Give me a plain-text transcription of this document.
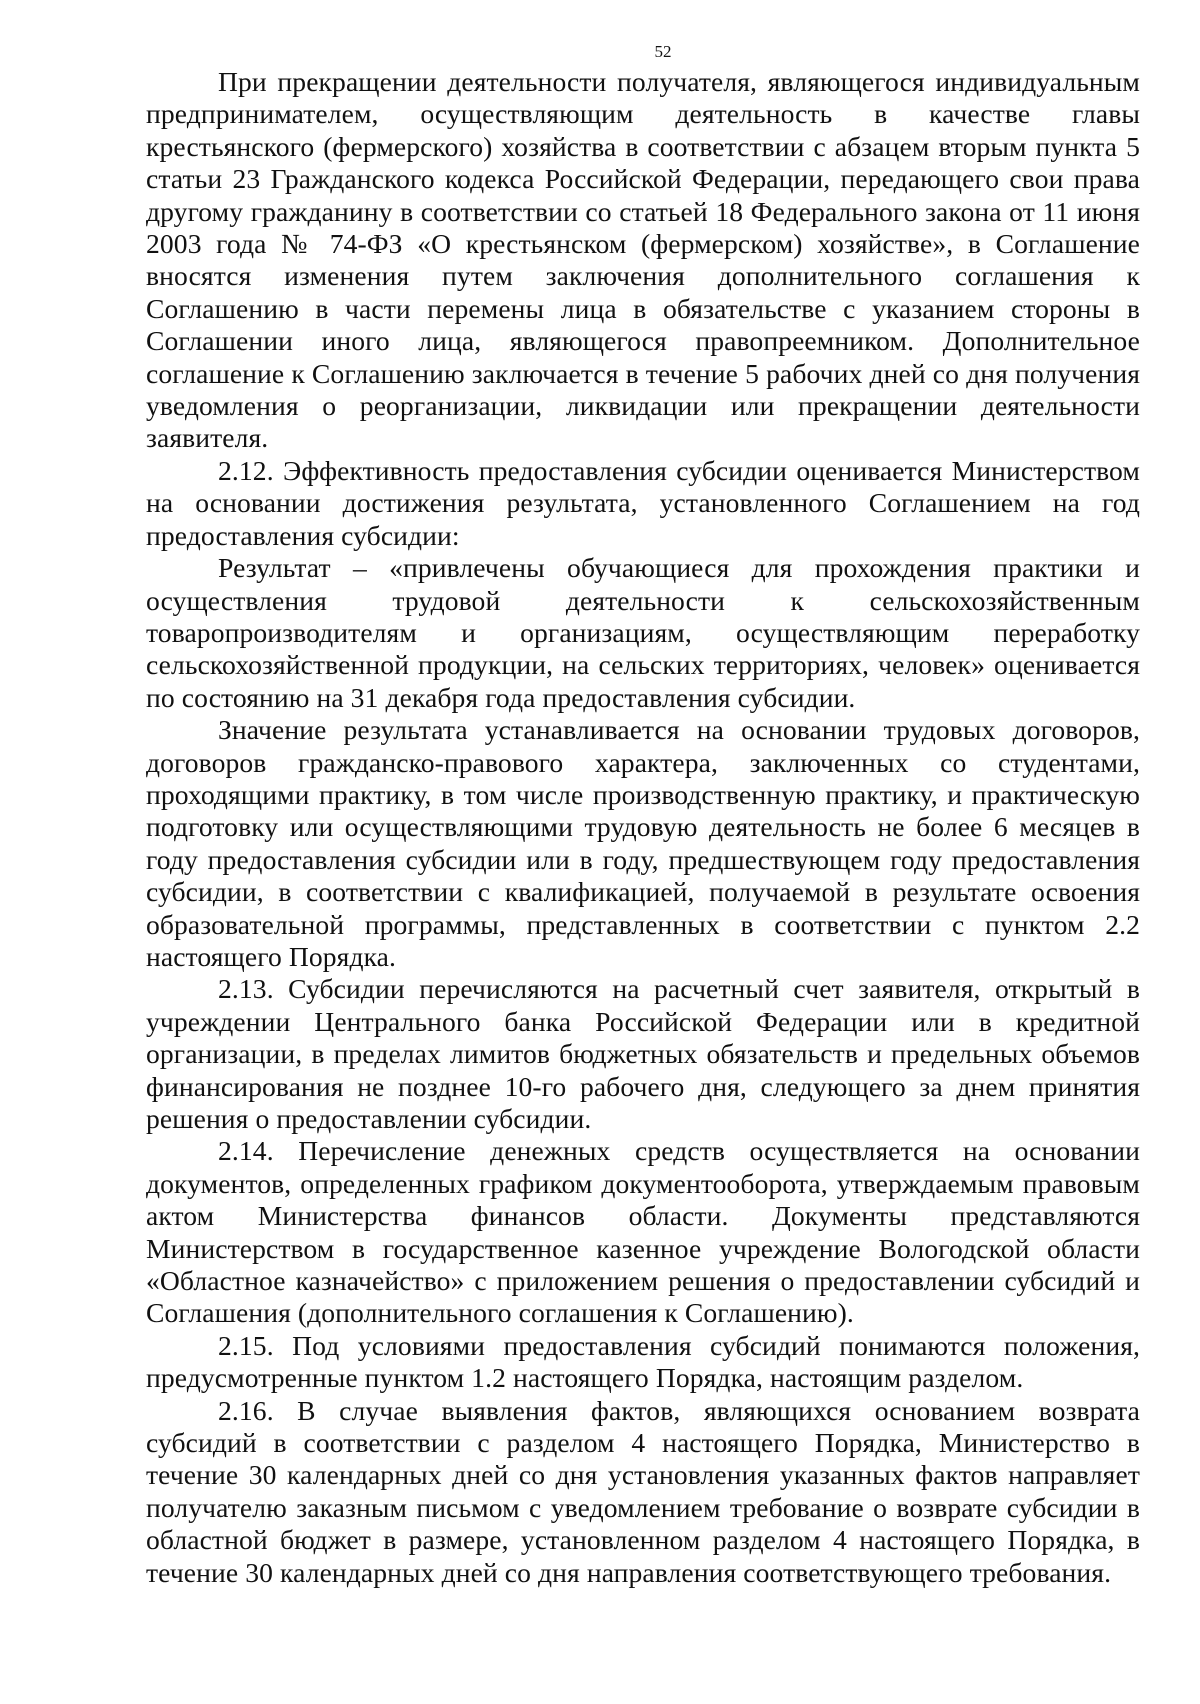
52

При прекращении деятельности получателя, являющегося индивидуальным предпринимателем, осуществляющим деятельность в качестве главы крестьянского (фермерского) хозяйства в соответствии с абзацем вторым пункта 5 статьи 23 Гражданского кодекса Российской Федерации, передающего свои права другому гражданину в соответствии со статьей 18 Федерального закона от 11 июня 2003 года № 74-ФЗ «О крестьянском (фермерском) хозяйстве», в Соглашение вносятся изменения путем заключения дополнительного соглашения к Соглашению в части перемены лица в обязательстве с указанием стороны в Соглашении иного лица, являющегося правопреемником. Дополнительное соглашение к Соглашению заключается в течение 5 рабочих дней со дня получения уведомления о реорганизации, ликвидации или прекращении деятельности заявителя.

2.12. Эффективность предоставления субсидии оценивается Министерством на основании достижения результата, установленного Соглашением на год предоставления субсидии:

Результат – «привлечены обучающиеся для прохождения практики и осуществления трудовой деятельности к сельскохозяйственным товаропроизводителям и организациям, осуществляющим переработку сельскохозяйственной продукции, на сельских территориях, человек» оценивается по состоянию на 31 декабря года предоставления субсидии.

Значение результата устанавливается на основании трудовых договоров, договоров гражданско-правового характера, заключенных со студентами, проходящими практику, в том числе производственную практику, и практическую подготовку или осуществляющими трудовую деятельность не более 6 месяцев в году предоставления субсидии или в году, предшествующем году предоставления субсидии, в соответствии с квалификацией, получаемой в результате освоения образовательной программы, представленных в соответствии с пунктом 2.2 настоящего Порядка.

2.13. Субсидии перечисляются на расчетный счет заявителя, открытый в учреждении Центрального банка Российской Федерации или в кредитной организации, в пределах лимитов бюджетных обязательств и предельных объемов финансирования не позднее 10-го рабочего дня, следующего за днем принятия решения о предоставлении субсидии.

2.14. Перечисление денежных средств осуществляется на основании документов, определенных графиком документооборота, утверждаемым правовым актом Министерства финансов области. Документы представляются Министерством в государственное казенное учреждение Вологодской области «Областное казначейство» с приложением решения о предоставлении субсидий и Соглашения (дополнительного соглашения к Соглашению).

2.15. Под условиями предоставления субсидий понимаются положения, предусмотренные пунктом 1.2 настоящего Порядка, настоящим разделом.

2.16. В случае выявления фактов, являющихся основанием возврата субсидий в соответствии с разделом 4 настоящего Порядка, Министерство в течение 30 календарных дней со дня установления указанных фактов направляет получателю заказным письмом с уведомлением требование о возврате субсидии в областной бюджет в размере, установленном разделом 4 настоящего Порядка, в течение 30 календарных дней со дня направления соответствующего требования.
